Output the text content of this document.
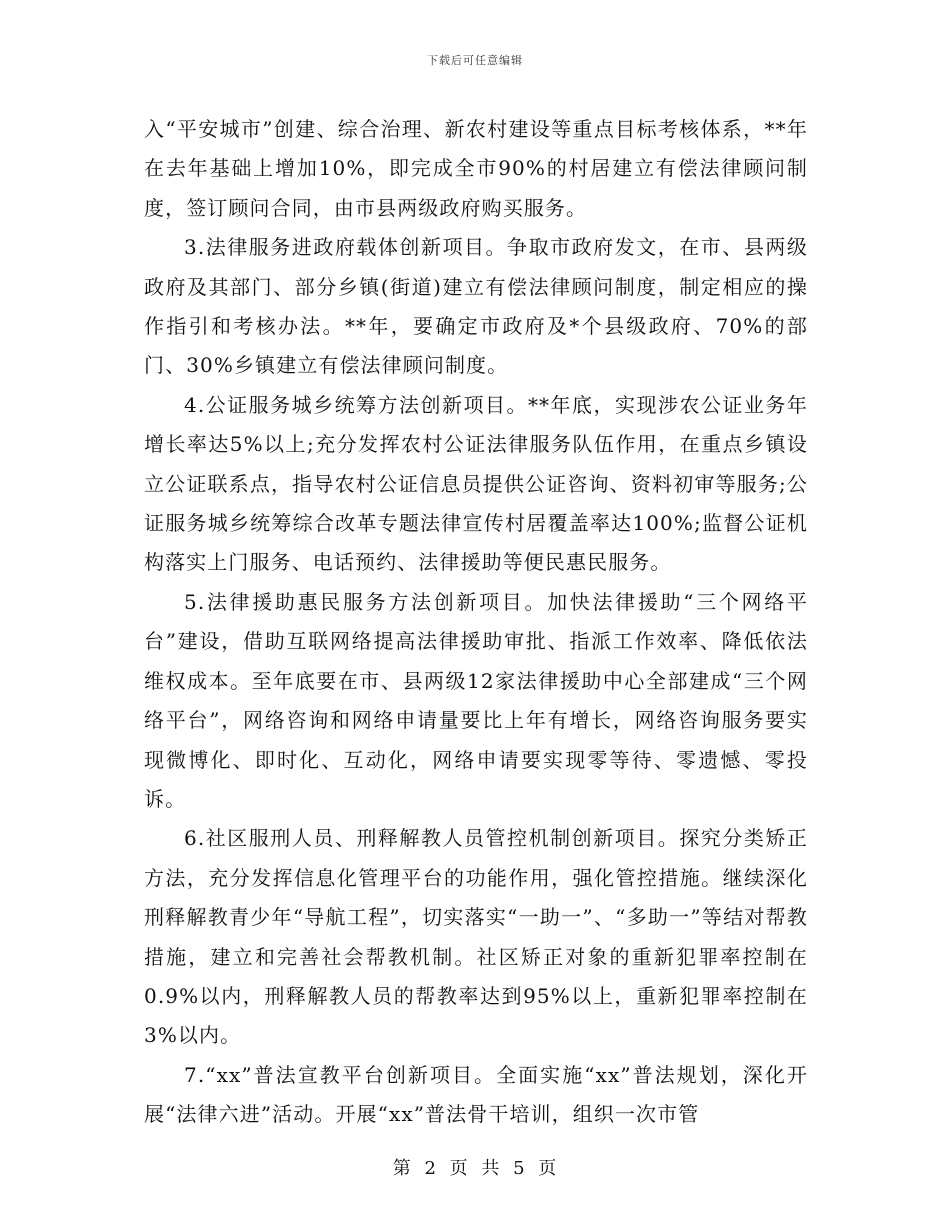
下载后可任意编辑

入“平安城市”创建、综合治理、新农村建设等重点目标考核体系，**年在去年基础上增加10%，即完成全市90%的村居建立有偿法律顾问制度，签订顾问合同，由市县两级政府购买服务。

3.法律服务进政府载体创新项目。争取市政府发文，在市、县两级政府及其部门、部分乡镇(街道)建立有偿法律顾问制度，制定相应的操作指引和考核办法。**年，要确定市政府及*个县级政府、70%的部门、30%乡镇建立有偿法律顾问制度。

4.公证服务城乡统筹方法创新项目。**年底，实现涉农公证业务年增长率达5%以上;充分发挥农村公证法律服务队伍作用，在重点乡镇设立公证联系点，指导农村公证信息员提供公证咨询、资料初审等服务;公证服务城乡统筹综合改革专题法律宣传村居覆盖率达100%;监督公证机构落实上门服务、电话预约、法律援助等便民惠民服务。

5.法律援助惠民服务方法创新项目。加快法律援助“三个网络平台”建设，借助互联网络提高法律援助审批、指派工作效率、降低依法维权成本。至年底要在市、县两级12家法律援助中心全部建成“三个网络平台”，网络咨询和网络申请量要比上年有增长，网络咨询服务要实现微博化、即时化、互动化，网络申请要实现零等待、零遗憾、零投诉。

6.社区服刑人员、刑释解教人员管控机制创新项目。探究分类矫正方法，充分发挥信息化管理平台的功能作用，强化管控措施。继续深化刑释解教青少年“导航工程”，切实落实“一助一”、“多助一”等结对帮教措施，建立和完善社会帮教机制。社区矫正对象的重新犯罪率控制在0.9%以内，刑释解教人员的帮教率达到95%以上，重新犯罪率控制在3%以内。

7.“xx”普法宣教平台创新项目。全面实施“xx”普法规划，深化开展“法律六进”活动。开展“xx”普法骨干培训，组织一次市管

第 2 页 共 5 页
